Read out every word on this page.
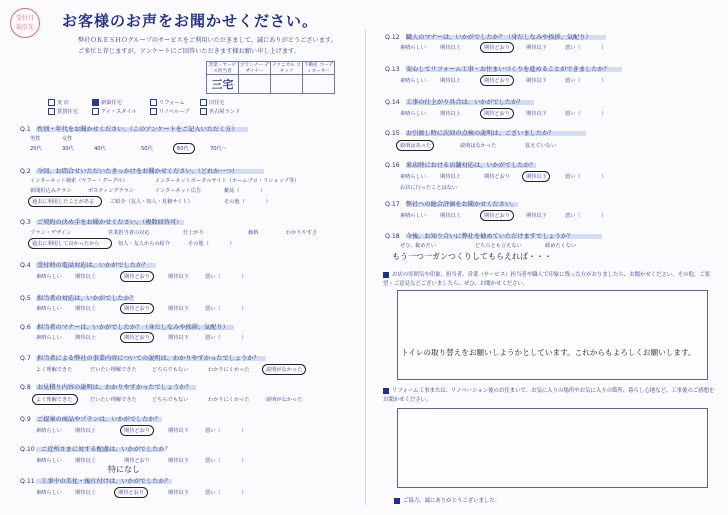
受付日
取引先	お客様のお声をお聞かせください。
弊社ＯＫＥＳＨＯグループのサービスをご利用いただきまして、誠にありがとうございます。
ご多忙と存じますが、アンケートにご回答いただきます様お願い申し上げます。
営業・サービス担当者	プランナー デザイナー	テクニカル スタッフ	不動産 コーディネーター
三宅			
実 店	新築住宅	リフォーム	旧住宅
賃貸住宅	アイ・スタイル	リノベループ	名古屋ランド
Q.1　性別・年代をお聞かせください。（このアンケートをご記入いただく方）
男性	女性
20代	30代	40代	50代	60代	70代〜
Q.2　今回、お問合せいただいたきっかけをお聞かせください。（どれか一つ）
インターネット検索（ヤフー・グーグル）	インターネットポータルサイト（ホームプロ・リショップ等）
新聞折込みチラシ	ポスティングチラシ	インターネット広告	雑誌（　　　　）
過去に利用したことがある	ご紹介（友人・知人・見積サイト）	その他（　　　　）
Q.3　ご契約の決め手をお聞かせください。（複数回答可）
プラン・デザイン	営業担当者の対応	仕上がり	価格	わかりやすさ
過去に利用して良かったから	知人・友人からの紹介	その他（　　　　）
Q.4　受付時の電話対応は、いかがでしたか？
素晴らしい	期待以上	期待どおり	期待以下	悪い（　　　　）
Q.5　担当者の対応は、いかがでしたか？
素晴らしい	期待以上	期待どおり	期待以下	悪い（　　　　）
Q.6　担当者のマナーは、いかがでしたか？（身だしなみや挨拶、気配り）
素晴らしい	期待以上	期待どおり	期待以下	悪い（　　　　）
Q.7　担当者による弊社の事業内容についての説明は、わかりやすかったでしょうか？
よく理解できた	だいたい理解できた	どちらでもない	わかりにくかった	説明がなかった
Q.8　お見積り内容の説明は、わかりやすかったでしょうか？
よく理解できた	だいたい理解できた	どちらでもない	わかりにくかった	説明がなかった
Q.9　ご提案の商品やプランは、いかがでしたか？
素晴らしい	期待以上	期待どおり	期待以下	悪い（　　　　）
Q.10　ご近所さまに対する配慮は、いかがでしたか？
素晴らしい	期待以上	期待どおり	期待以下	悪い（　　　　）
特になし
Q.11　工事中の美化・後片付けは、いかがでしたか？
素晴らしい	期待以上	期待どおり	期待以下	悪い（　　　　）
Q.12　職人のマナーは、いかがでしたか？（身だしなみや挨拶、気配り）
素晴らしい	期待以上	期待どおり	期待以下	悪い（　　　　）
Q.13　安心してリフォーム工事・お住まいづくりを進めることができましたか？
素晴らしい	期待以上	期待どおり	期待以下	悪い（　　　　）
Q.14　工事の仕上がり具合は、いかがでしたか？
素晴らしい	期待以上	期待どおり	期待以下	悪い（　　　　）
Q.15　お引渡し時に次回の点検の説明は、ございましたか？
説明はあった	説明はなかった	覚えていない
Q.16　来店時における店舗対応は、いかがでしたか？
素晴らしい	期待以上	期待どおり	期待以下	悪い（　　　　）
お店に行ったことはない
Q.17　弊社への総合評価をお聞かせください。
素晴らしい	期待以上	期待どおり	期待以下	悪い（　　　　）
Q.18　今後、お知り合いに弊社を勧めていただけますでしょうか？
ぜひ、勧めたい	どちらとも言えない	勧めたくない
もう一つ一ガンつくりしてもらえれば・・・
お店の雰囲気や印象、担当者、営業（サービス）担当者や職人で印象に残った方がおりましたら、お聞かせください。その他、ご要望・ご意見などございましたら、ぜひ、お聞かせください。
トイレの取り替えをお願いしようかとしています。これからもよろしくお願いします。
リフォーム工事または、リノベーション後のお住まいで、お気に入りの場所やお気に入りの箇所、暮らし心地など、工事後のご感想をお聞かせください。
ご協力、誠にありがとうございました。
